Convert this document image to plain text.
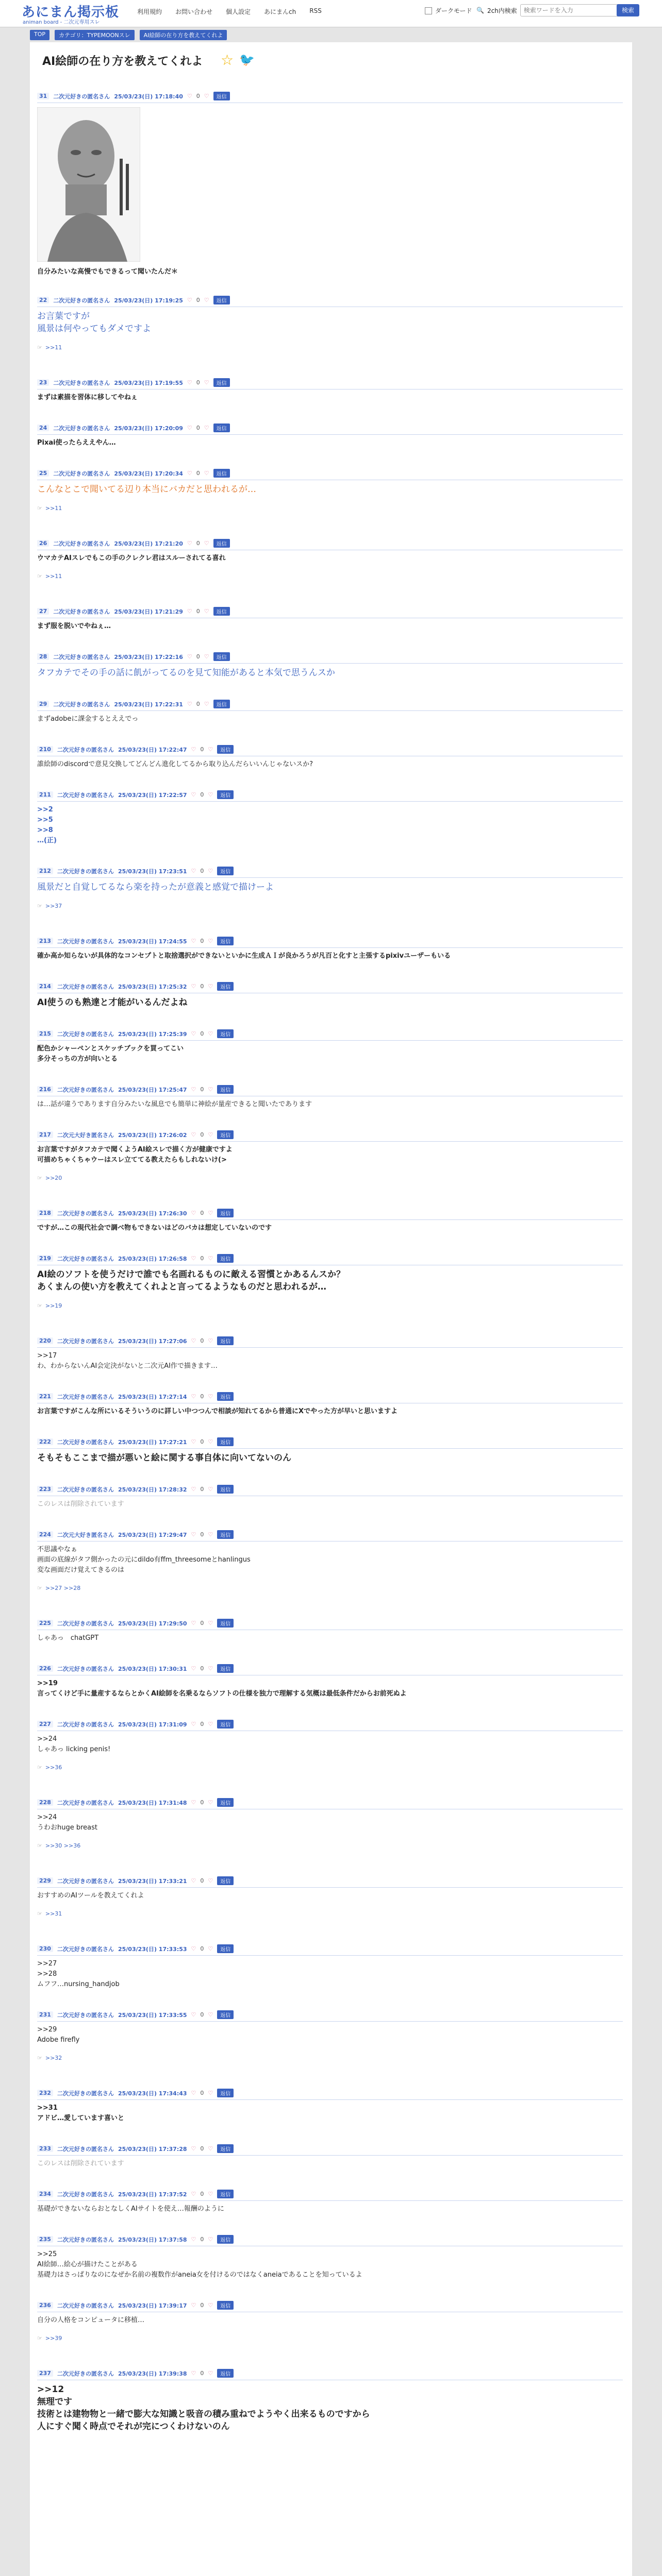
あにまん掲示板
animan board - 二次元専用スレ
利用規約 お問い合わせ 個人設定 あにまんch RSS	ダークモード 🔍 2ch内検索
検索ワードを入力	検索
TOP	カテゴリ：TYPEMOONスレ	AI絵師の在り方を教えてくれよ
AI絵師の在り方を教えてくれよ ☆ 🐦
31	二次元好きの匿名さん 25/03/23(日) 17:18:40 ♡ 0 ♡	返信
自分みたいな高慢でもできるって聞いたんだ＊
22	二次元好きの匿名さん 25/03/23(日) 17:19:25 ♡ 0 ♡	返信
お言葉ですが
風景は何やってもダメですよ
☞ >>11
23	二次元好きの匿名さん 25/03/23(日) 17:19:55 ♡ 0 ♡	返信
まずは素描を習体に移してやねぇ
24	二次元好きの匿名さん 25/03/23(日) 17:20:09 ♡ 0 ♡	返信
Pixai使ったらええやん…
25	二次元好きの匿名さん 25/03/23(日) 17:20:34 ♡ 0 ♡	返信
こんなとこで聞いてる辺り本当にバカだと思われるが…
☞ >>11
26	二次元好きの匿名さん 25/03/23(日) 17:21:20 ♡ 0 ♡	返信
ウマカテAIスレでもこの手のクレクレ君はスルーされてる喜れ
☞ >>11
27	二次元好きの匿名さん 25/03/23(日) 17:21:29 ♡ 0 ♡	返信
まず服を脱いでやねぇ…
28	二次元好きの匿名さん 25/03/23(日) 17:22:16 ♡ 0 ♡	返信
タフカテでその手の話に飢がってるのを見て知能があると本気で思うんスか
29	二次元好きの匿名さん 25/03/23(日) 17:22:31 ♡ 0 ♡	返信
まずadobeに課金するとええでっ
210	二次元好きの匿名さん 25/03/23(日) 17:22:47 ♡ 0 ♡	返信
誰絵師のdiscordで意見交換してどんどん進化してるから取り込んだらいいんじゃないスか?
211	二次元好きの匿名さん 25/03/23(日) 17:22:57 ♡ 0 ♡	返信
>>2
>>5
>>8
…(正)
212	二次元好きの匿名さん 25/03/23(日) 17:23:51 ♡ 0 ♡	返信
風景だと自覚してるなら楽を持ったが意義と感覚で描けーよ
☞ >>37
213	二次元好きの匿名さん 25/03/23(日) 17:24:55 ♡ 0 ♡	返信
確か高か知らないが具体的なコンセプトと取捨選択ができないといかに生成ＡＩが良かろうが凡百と化すと主張するpixivユーザーもいる
214	二次元好きの匿名さん 25/03/23(日) 17:25:32 ♡ 0 ♡	返信
AI使うのも熟達と才能がいるんだよね
215	二次元好きの匿名さん 25/03/23(日) 17:25:39 ♡ 0 ♡	返信
配色かシャーペンとスケッチブックを買ってこい
多分そっちの方が向いとる
216	二次元好きの匿名さん 25/03/23(日) 17:25:47 ♡ 0 ♡	返信
は…話が違うであります自分みたいな風息でも簡単に神絵が量産できると聞いたであります
217	二次元大好き匿名さん 25/03/23(日) 17:26:02 ♡ 0 ♡	返信
お言葉ですがタフカテで聞くようAI絵スレで描く方が健康ですよ
可描めちゃくちゃウーはスレ立ててる教えたらもしれないけ(>
☞ >>20
218	二次元好きの匿名さん 25/03/23(日) 17:26:30 ♡ 0 ♡	返信
ですが…この現代社会で調べ物もできないはどのバカは想定していないのです
219	二次元好きの匿名さん 25/03/23(日) 17:26:58 ♡ 0 ♡	返信
AI絵のソフトを使うだけで誰でも名画れるものに敵える習慣とかあるんスか？
あくまんの使い方を教えてくれよと言ってるようなものだと思われるが…
☞ >>19
220	二次元好きの匿名さん 25/03/23(日) 17:27:06 ♡ 0 ♡	返信
>>17
わ、わからないんAI会定決がないと二次元AI作で描きます…
221	二次元好きの匿名さん 25/03/23(日) 17:27:14 ♡ 0 ♡	返信
お言葉ですがこんな所にいるそういうのに詳しい中つつんで相談が知れてるから普通にXでやった方が早いと思いますよ
222	二次元好きの匿名さん 25/03/23(日) 17:27:21 ♡ 0 ♡	返信
そもそもここまで描が悪いと絵に関する事自体に向いてないのん
223	二次元好きの匿名さん 25/03/23(日) 17:28:32 ♡ 0 ♡	返信
このレスは削除されています
224	二次元大好き匿名さん 25/03/23(日) 17:29:47 ♡ 0 ♡	返信
不思議やなぁ
画面の底線がタフ側かったの元にdildo有ffm_threesomeとhanlingus
変な画面だけ覚えてきるのは
☞ >>27 >>28
225	二次元好きの匿名さん 25/03/23(日) 17:29:50 ♡ 0 ♡	返信
しゃあっ　chatGPT
226	二次元好きの匿名さん 25/03/23(日) 17:30:31 ♡ 0 ♡	返信
>>19
言ってくけど手に量産するならとかくAI絵師を名乗るならソフトの仕様を独力で理解する気概は最低条件だからお前死ぬよ
227	二次元好きの匿名さん 25/03/23(日) 17:31:09 ♡ 0 ♡	返信
>>24
しゃあっ licking penis!
☞ >>36
228	二次元好きの匿名さん 25/03/23(日) 17:31:48 ♡ 0 ♡	返信
>>24
うわおhuge breast
☞ >>30 >>36
229	二次元好きの匿名さん 25/03/23(日) 17:33:21 ♡ 0 ♡	返信
おすすめのAIツールを教えてくれよ
☞ >>31
230	二次元好きの匿名さん 25/03/23(日) 17:33:53 ♡ 0 ♡	返信
>>27
>>28
ムフフ…nursing_handjob
231	二次元好きの匿名さん 25/03/23(日) 17:33:55 ♡ 0 ♡	返信
>>29
Adobe firefly
☞ >>32
232	二次元好きの匿名さん 25/03/23(日) 17:34:43 ♡ 0 ♡	返信
>>31
アドビ…愛しています喜いと
233	二次元好きの匿名さん 25/03/23(日) 17:37:28 ♡ 0 ♡	返信
このレスは削除されています
234	二次元好きの匿名さん 25/03/23(日) 17:37:52 ♡ 0 ♡	返信
基礎ができないならおとなしくAIサイトを使え…報酬のように
235	二次元好きの匿名さん 25/03/23(日) 17:37:58 ♡ 0 ♡	返信
>>25
AI絵師…絵心が描けたことがある
基礎力はさっぱりなのになぜか名前の複数作がaneia女を付けるのではなくaneiaであることを知っているよ
236	二次元好きの匿名さん 25/03/23(日) 17:39:17 ♡ 0 ♡	返信
自分の人格をコンピュータに移植…
☞ >>39
237	二次元好きの匿名さん 25/03/23(日) 17:39:38 ♡ 0 ♡	返信
>>12
無理です
技術とは建物物と一緒で膨大な知識と吸音の積み重ねでようやく出来るものですから
人にすぐ聞く時点でそれが完につくわけないのん
